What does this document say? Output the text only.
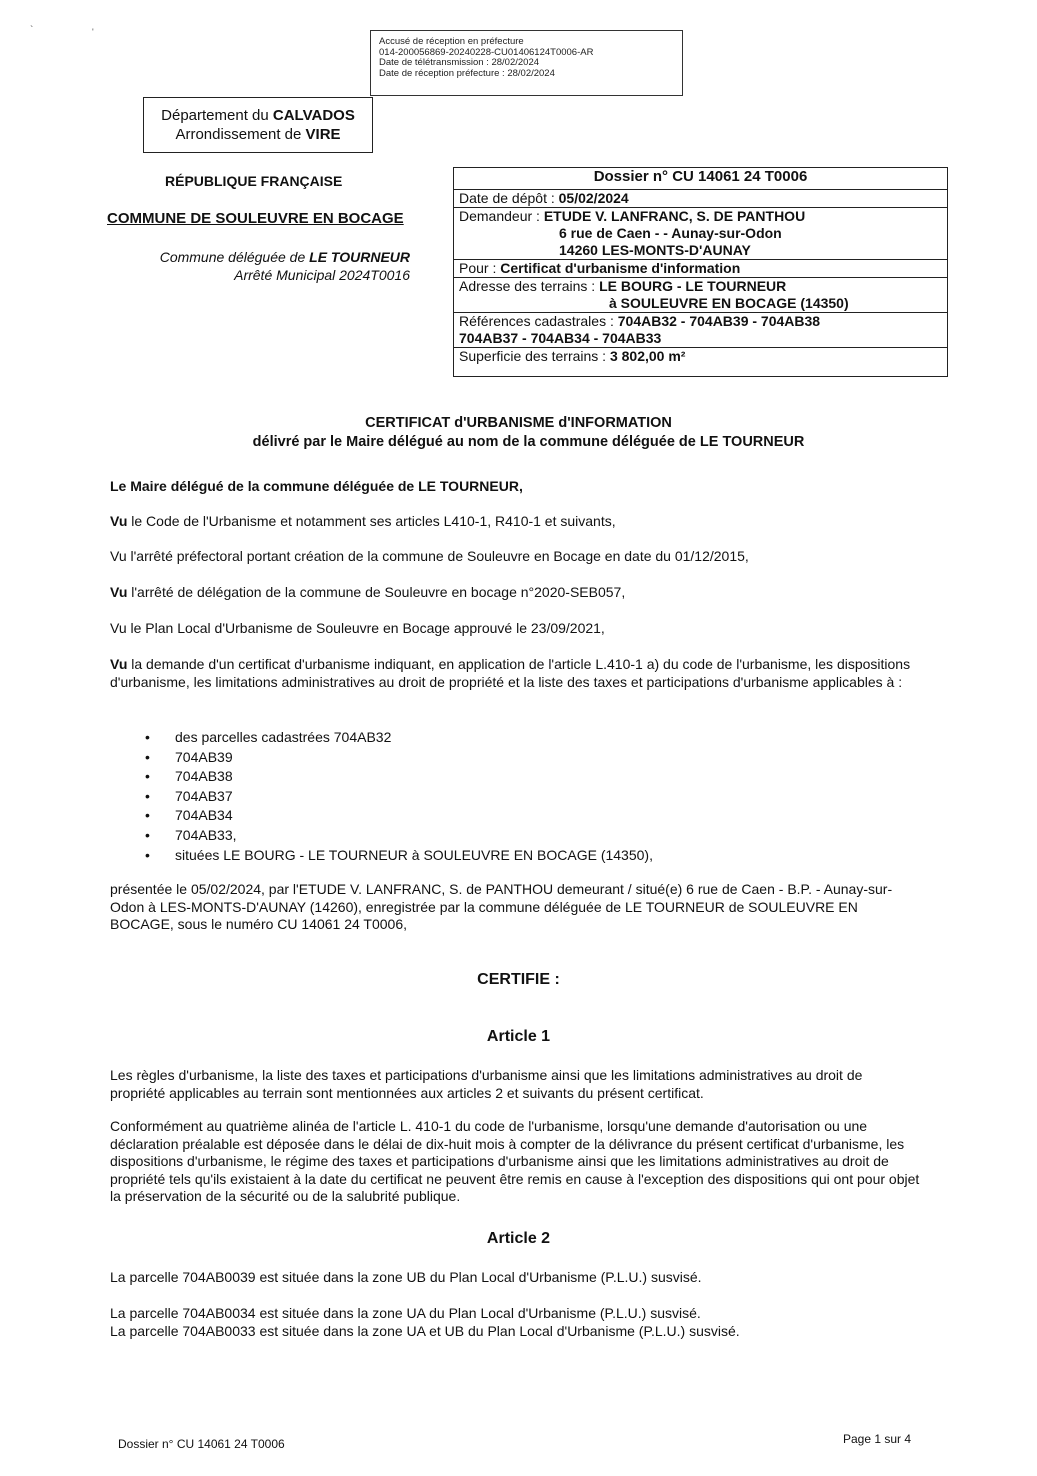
`	'
Accusé de réception en préfecture
014-200056869-20240228-CU01406124T0006-AR
Date de télétransmission : 28/02/2024
Date de réception préfecture : 28/02/2024
Département du CALVADOS
Arrondissement de VIRE
RÉPUBLIQUE FRANÇAISE
COMMUNE DE SOULEUVRE EN BOCAGE
Commune déléguée de LE TOURNEUR
Arrêté Municipal 2024T0016
Dossier n° CU 14061 24 T0006
Date de dépôt : 05/02/2024
Demandeur : ETUDE V. LANFRANC, S. DE PANTHOU
6 rue de Caen - - Aunay-sur-Odon
14260 LES-MONTS-D'AUNAY
Pour : Certificat d'urbanisme d'information
Adresse des terrains : LE BOURG - LE TOURNEUR
à SOULEUVRE EN BOCAGE (14350)
Références cadastrales : 704AB32 - 704AB39 - 704AB38
704AB37 - 704AB34 - 704AB33
Superficie des terrains : 3 802,00 m²
CERTIFICAT d'URBANISME d'INFORMATION
délivré par le Maire délégué au nom de la commune déléguée de LE TOURNEUR
Le Maire délégué de la commune déléguée de LE TOURNEUR,
Vu le Code de l'Urbanisme et notamment ses articles L410-1, R410-1 et suivants,
Vu l'arrêté préfectoral portant création de la commune de Souleuvre en Bocage en date du 01/12/2015,
Vu l'arrêté de délégation de la commune de Souleuvre en bocage n°2020-SEB057,
Vu le Plan Local d'Urbanisme de Souleuvre en Bocage approuvé le 23/09/2021,
Vu la demande d'un certificat d'urbanisme indiquant, en application de l'article L.410-1 a) du code de l'urbanisme, les dispositions d'urbanisme, les limitations administratives au droit de propriété et la liste des taxes et participations d'urbanisme applicables à :
• des parcelles cadastrées 704AB32
• 704AB39
• 704AB38
• 704AB37
• 704AB34
• 704AB33,
• situées LE BOURG - LE TOURNEUR à SOULEUVRE EN BOCAGE (14350),
présentée le 05/02/2024, par l'ETUDE V. LANFRANC, S. de PANTHOU demeurant / situé(e) 6 rue de Caen - B.P. - Aunay-sur-Odon à LES-MONTS-D'AUNAY (14260), enregistrée par la commune déléguée de LE TOURNEUR de SOULEUVRE EN BOCAGE, sous le numéro CU 14061 24 T0006,
CERTIFIE :
Article 1
Les règles d'urbanisme, la liste des taxes et participations d'urbanisme ainsi que les limitations administratives au droit de propriété applicables au terrain sont mentionnées aux articles 2 et suivants du présent certificat.
Conformément au quatrième alinéa de l'article L. 410-1 du code de l'urbanisme, lorsqu'une demande d'autorisation ou une déclaration préalable est déposée dans le délai de dix-huit mois à compter de la délivrance du présent certificat d'urbanisme, les dispositions d'urbanisme, le régime des taxes et participations d'urbanisme ainsi que les limitations administratives au droit de propriété tels qu'ils existaient à la date du certificat ne peuvent être remis en cause à l'exception des dispositions qui ont pour objet la préservation de la sécurité ou de la salubrité publique.
Article 2
La parcelle 704AB0039 est située dans la zone UB du Plan Local d'Urbanisme (P.L.U.) susvisé.
La parcelle 704AB0034 est située dans la zone UA du Plan Local d'Urbanisme (P.L.U.) susvisé.
La parcelle 704AB0033 est située dans la zone UA et UB du Plan Local d'Urbanisme (P.L.U.) susvisé.
Dossier n° CU 14061 24 T0006	Page 1 sur 4
